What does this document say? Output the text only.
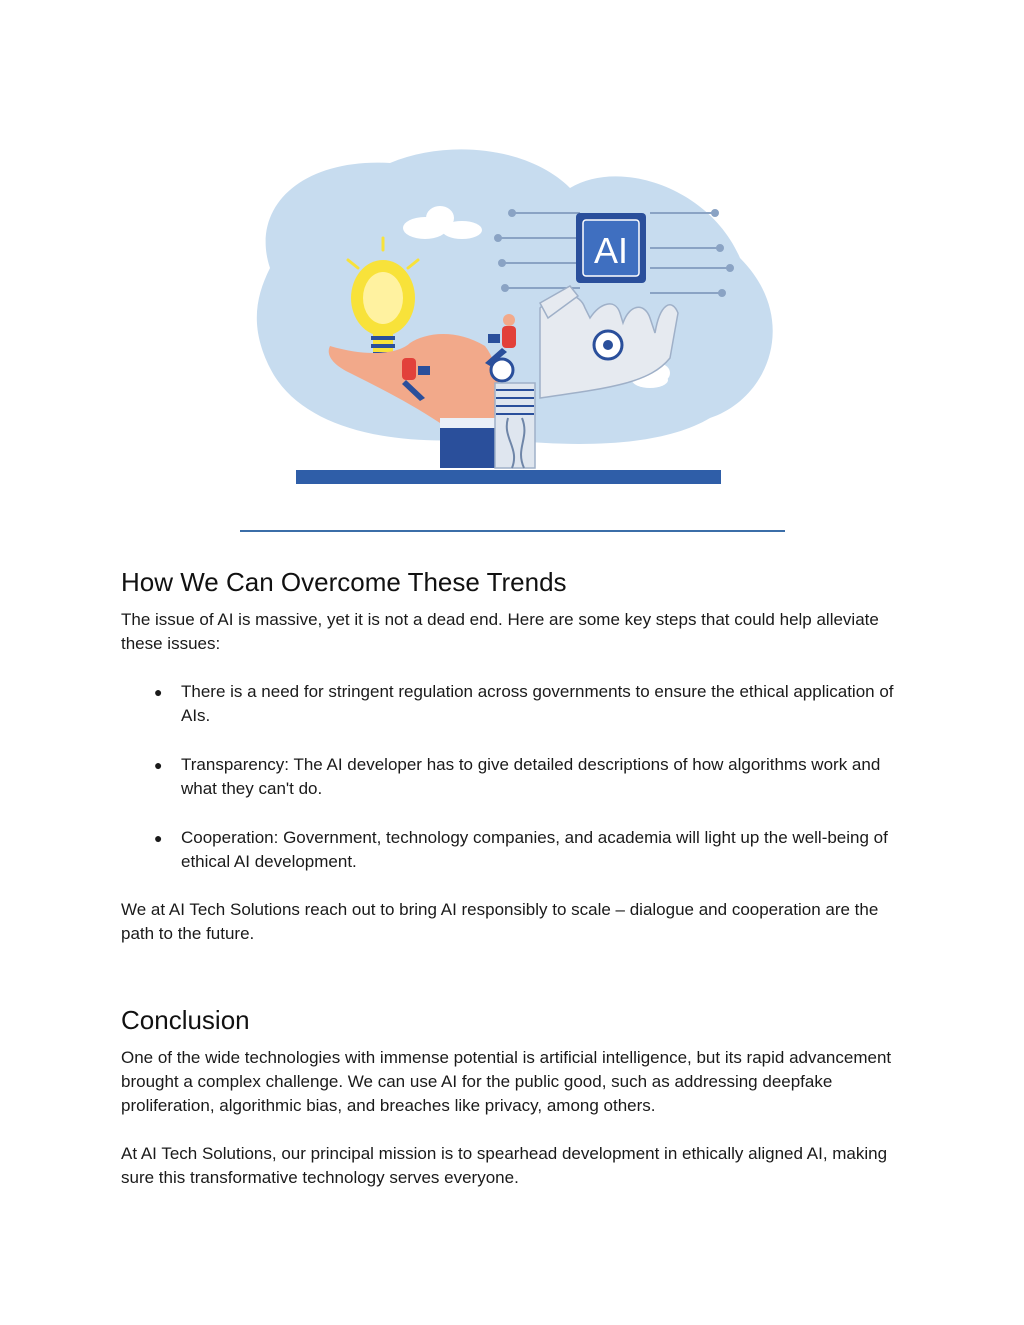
AI
How We Can Overcome These Trends

The issue of AI is massive, yet it is not a dead end. Here are some key steps that could help alleviate these issues:

● There is a need for stringent regulation across governments to ensure the ethical application of AIs.
● Transparency: The AI developer has to give detailed descriptions of how algorithms work and what they can't do.
● Cooperation: Government, technology companies, and academia will light up the well-being of ethical AI development.

We at AI Tech Solutions reach out to bring AI responsibly to scale – dialogue and cooperation are the path to the future.

Conclusion

One of the wide technologies with immense potential is artificial intelligence, but its rapid advancement brought a complex challenge. We can use AI for the public good, such as addressing deepfake proliferation, algorithmic bias, and breaches like privacy, among others.

At AI Tech Solutions, our principal mission is to spearhead development in ethically aligned AI, making sure this transformative technology serves everyone.
